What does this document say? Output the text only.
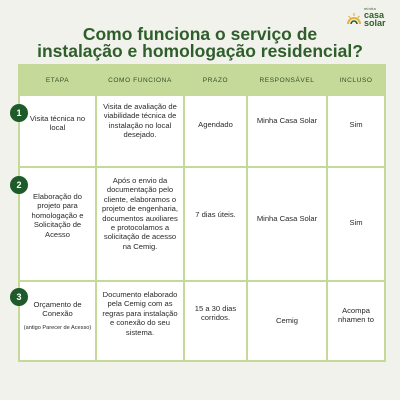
Como funciona o serviço de
instalação e homologação residencial?
minha
casa
solar
ETAPA	COMO FUNCIONA	PRAZO	RESPONSÁVEL	INCLUSO

1
Visita técnica no local	Visita de avaliação de viabilidade técnica de instalação no local desejado.	Agendado	Minha Casa Solar	Sim

2
Elaboração do projeto para homologação e Solicitação de Acesso	Após o envio da documentação pelo cliente, elaboramos o projeto de engenharia, documentos auxiliares e protocolamos a solicitação de acesso na Cemig.	7 dias úteis.	Minha Casa Solar	Sim

3
Orçamento de Conexão
(antigo Parecer de Acesso)	Documento elaborado pela Cemig com as regras para instalação e conexão do seu sistema.	15 a 30 dias corridos.	Cemig	Acompa nhamen to
